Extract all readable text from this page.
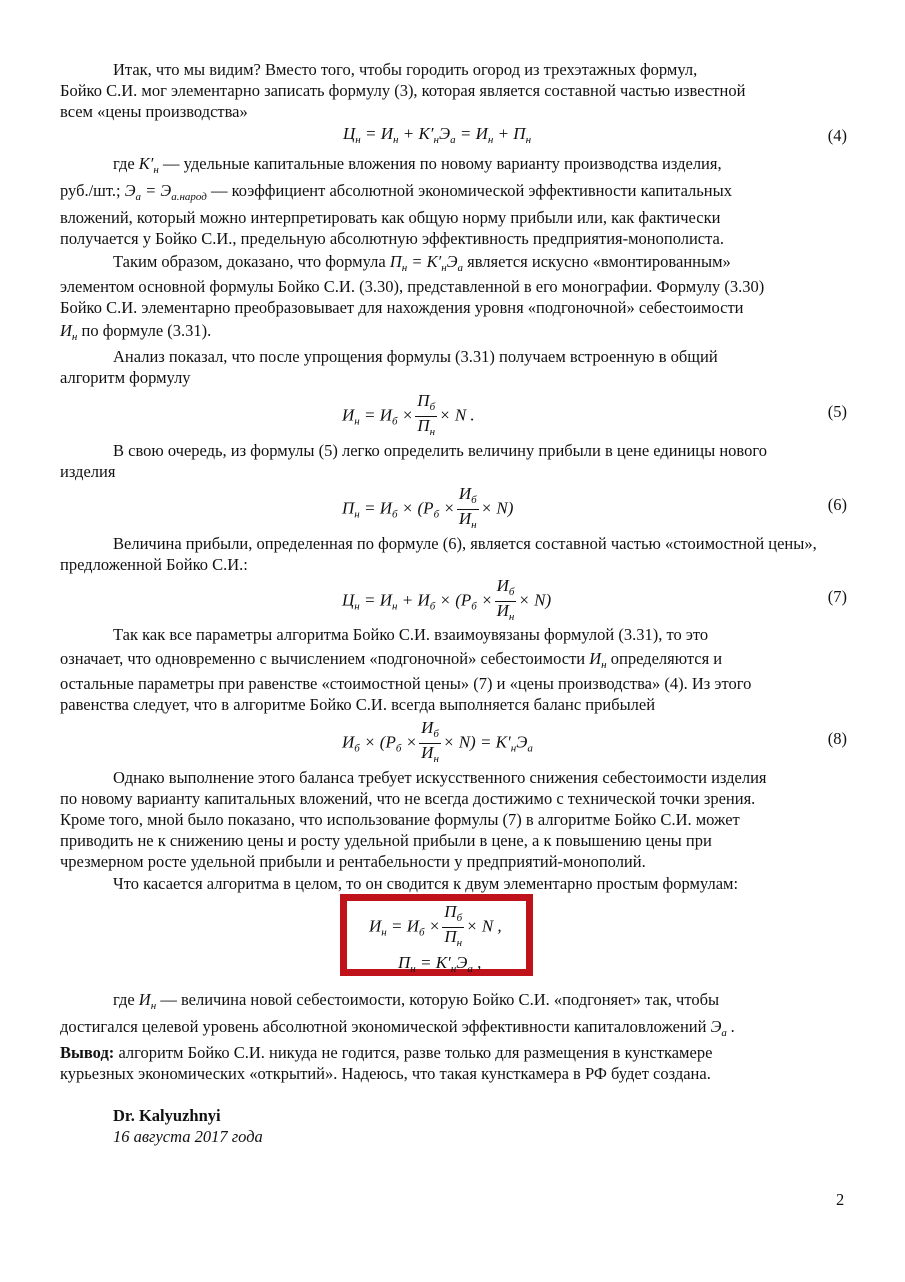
Итак, что мы видим? Вместо того, чтобы городить огород из трехэтажных формул,
Бойко С.И. мог элементарно записать формулу (3), которая является составной частью известной
всем «цены производства»
$Ц_н = И_н + K'_нЭ_а = И_н + П_н$	(4)
где $K'_н$ — удельные капитальные вложения по новому варианту производства изделия,
руб./шт.; $Э_а = Э_{а.народ}$ — коэффициент абсолютной экономической эффективности капитальных
вложений, который можно интерпретировать как общую норму прибыли или, как фактически
получается у Бойко С.И., предельную абсолютную эффективность предприятия-монополиста.
Таким образом, доказано, что формула $П_н = K'_нЭ_а$ является искусно «вмонтированным»
элементом основной формулы Бойко С.И. (3.30), представленной в его монографии. Формулу (3.30)
Бойко С.И. элементарно преобразовывает для нахождения уровня «подгоночной» себестоимости
$И_н$ по формуле (3.31).
Анализ показал, что после упрощения формулы (3.31) получаем встроенную в общий
алгоритм формулу
$И_н = И_б \times \frac{П_б}{П_н} \times N$ .	(5)
В свою очередь, из формулы (5) легко определить величину прибыли в цене единицы нового
изделия
$П_н = И_б \times (P_б \times \frac{И_б}{И_н} \times N)$	(6)
Величина прибыли, определенная по формуле (6), является составной частью «стоимостной цены»,
предложенной Бойко С.И.:
$Ц_н = И_н + И_б \times (P_б \times \frac{И_б}{И_н} \times N)$	(7)
Так как все параметры алгоритма Бойко С.И. взаимоувязаны формулой (3.31), то это
означает, что одновременно с вычислением «подгоночной» себестоимости $И_н$ определяются и
остальные параметры при равенстве «стоимостной цены» (7) и «цены производства» (4). Из этого
равенства следует, что в алгоритме Бойко С.И. всегда выполняется баланс прибылей
$И_б \times (P_б \times \frac{И_б}{И_н} \times N) = K'_нЭ_а$
(8)
Однако выполнение этого баланса требует искусственного снижения себестоимости изделия
по новому варианту капитальных вложений, что не всегда достижимо с технической точки зрения.
Кроме того, мной было показано, что использование формулы (7) в алгоритме Бойко С.И. может
приводить не к снижению цены и росту удельной прибыли в цене, а к повышению цены при
чрезмерном росте удельной прибыли и рентабельности у предприятий-монополий.
Что касается алгоритма в целом, то он сводится к двум элементарно простым формулам:
$И_н = И_б \times \frac{П_б}{П_н} \times N$ ,
$П_н = K'_нЭ_а$ ,
где $И_н$ — величина новой себестоимости, которую Бойко С.И. «подгоняет» так, чтобы
достигался целевой уровень абсолютной экономической эффективности капиталовложений $Э_а$ .
Вывод: алгоритм Бойко С.И. никуда не годится, разве только для размещения в кунсткамере
курьезных экономических «открытий». Надеюсь, что такая кунсткамера в РФ будет создана.
Dr. Kalyuzhnyi
16 августа 2017 года
2
